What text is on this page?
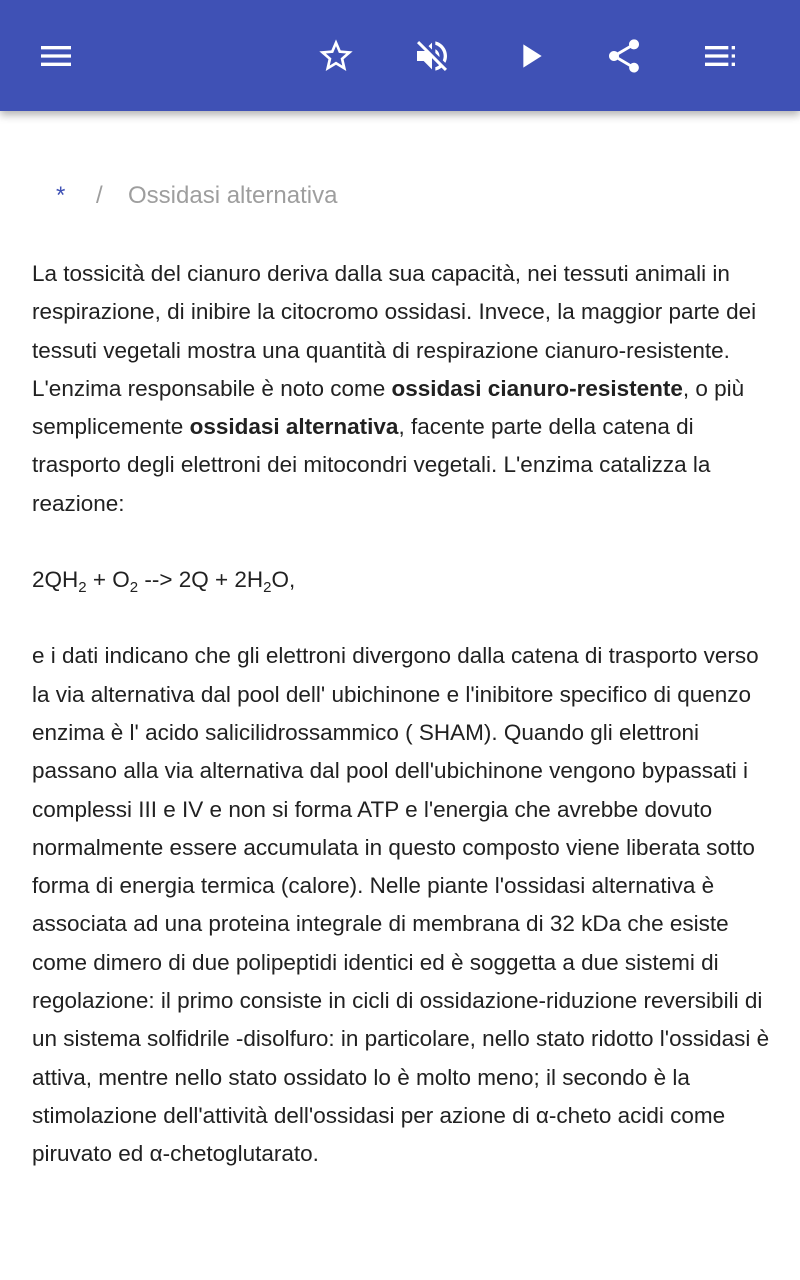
*	/	Ossidasi alternativa

La tossicità del cianuro deriva dalla sua capacità, nei tessuti animali in respirazione, di inibire la citocromo ossidasi. Invece, la maggior parte dei tessuti vegetali mostra una quantità di respirazione cianuro-resistente. L'enzima responsabile è noto come ossidasi cianuro-resistente, o più semplicemente ossidasi alternativa, facente parte della catena di trasporto degli elettroni dei mitocondri vegetali. L'enzima catalizza la reazione:

$2QH_2 + O_2$ --> $2Q + 2H_2O$,

e i dati indicano che gli elettroni divergono dalla catena di trasporto verso la via alternativa dal pool dell' ubichinone e l'inibitore specifico di quenzo enzima è l' acido salicilidrossammico ( SHAM). Quando gli elettroni passano alla via alternativa dal pool dell'ubichinone vengono bypassati i complessi III e IV e non si forma ATP e l'energia che avrebbe dovuto normalmente essere accumulata in questo composto viene liberata sotto forma di energia termica (calore). Nelle piante l'ossidasi alternativa è associata ad una proteina integrale di membrana di 32 kDa che esiste come dimero di due polipeptidi identici ed è soggetta a due sistemi di regolazione: il primo consiste in cicli di ossidazione-riduzione reversibili di un sistema solfidrile -disolfuro: in particolare, nello stato ridotto l'ossidasi è attiva, mentre nello stato ossidato lo è molto meno; il secondo è la stimolazione dell'attività dell'ossidasi per azione di α-cheto acidi come piruvato ed α-chetoglutarato.
